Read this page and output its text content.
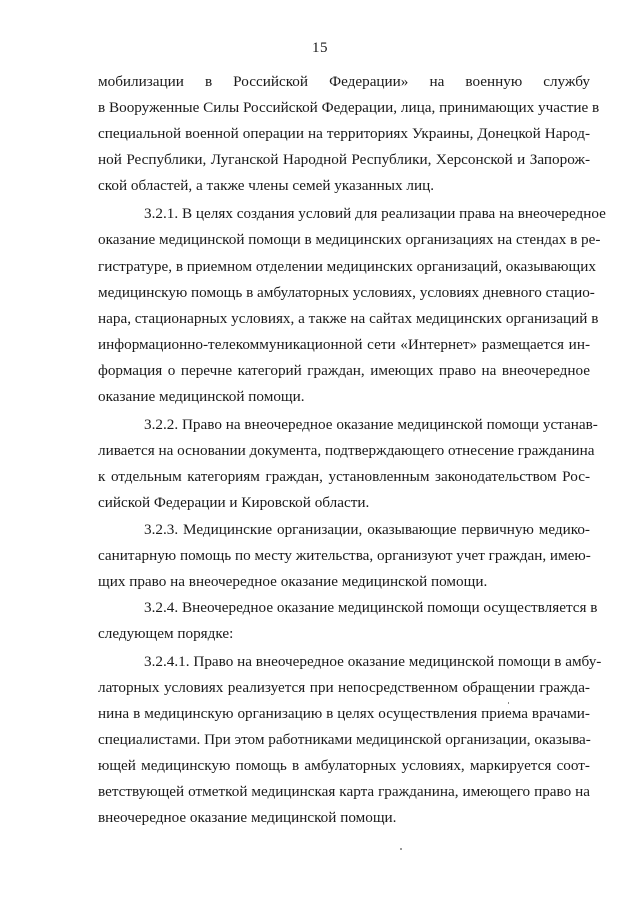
15
мобилизации в Российской Федерации» на военную службу
в Вооруженные Силы Российской Федерации, лица, принимающих участие в
специальной военной операции на территориях Украины, Донецкой Народ-
ной Республики, Луганской Народной Республики, Херсонской и Запорож-
ской областей, а также члены семей указанных лиц.
3.2.1. В целях создания условий для реализации права на внеочередное
оказание медицинской помощи в медицинских организациях на стендах в ре-
гистратуре, в приемном отделении медицинских организаций, оказывающих
медицинскую помощь в амбулаторных условиях, условиях дневного стацио-
нара, стационарных условиях, а также на сайтах медицинских организаций в
информационно-телекоммуникационной сети «Интернет» размещается ин-
формация о перечне категорий граждан, имеющих право на внеочередное
оказание медицинской помощи.
3.2.2. Право на внеочередное оказание медицинской помощи устанав-
ливается на основании документа, подтверждающего отнесение гражданина
к отдельным категориям граждан, установленным законодательством Рос-
сийской Федерации и Кировской области.
3.2.3. Медицинские организации, оказывающие первичную медико-
санитарную помощь по месту жительства, организуют учет граждан, имею-
щих право на внеочередное оказание медицинской помощи.
3.2.4. Внеочередное оказание медицинской помощи осуществляется в
следующем порядке:
3.2.4.1. Право на внеочередное оказание медицинской помощи в амбу-
латорных условиях реализуется при непосредственном обращении гражда-
нина в медицинскую организацию в целях осуществления приема врачами-
специалистами. При этом работниками медицинской организации, оказыва-
ющей медицинскую помощь в амбулаторных условиях, маркируется соот-
ветствующей отметкой медицинская карта гражданина, имеющего право на
внеочередное оказание медицинской помощи.
